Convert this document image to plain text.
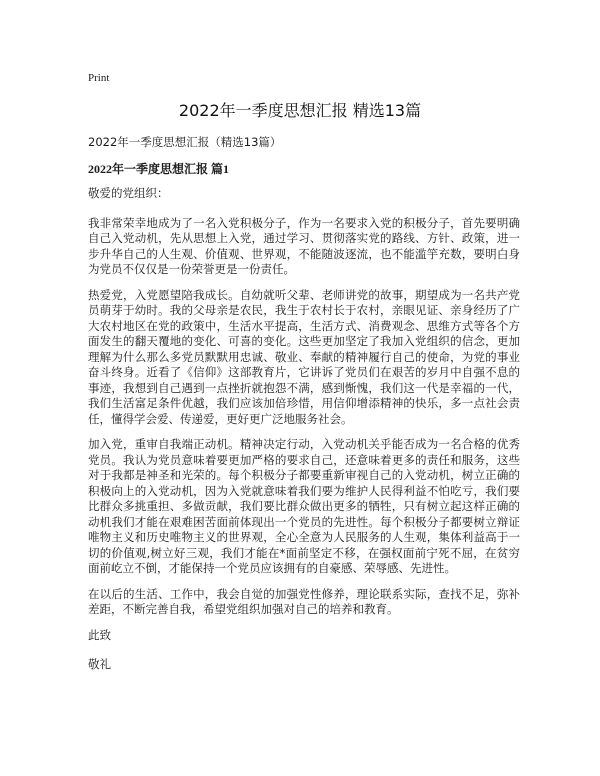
Print
2022年一季度思想汇报 精选13篇

2022年一季度思想汇报（精选13篇）

2022年一季度思想汇报 篇1

敬爱的党组织：

我非常荣幸地成为了一名入党积极分子，作为一名要求入党的积极分子，首先要明确自己入党动机，先从思想上入党，通过学习、贯彻落实党的路线、方针、政策，进一步升华自己的人生观、价值观、世界观，不能随波逐流，也不能滥竽充数，要明白身为党员不仅仅是一份荣誉更是一份责任。

热爱党，入党愿望陪我成长。自幼就听父辈、老师讲党的故事，期望成为一名共产党员萌芽于幼时。我的父母亲是农民，我生于农村长于农村，亲眼见证、亲身经历了广大农村地区在党的政策中，生活水平提高，生活方式、消费观念、思维方式等各个方面发生的翻天覆地的变化、可喜的变化。这些更加坚定了我加入党组织的信念，更加理解为什么那么多党员默默用忠诚、敬业、奉献的精神履行自己的使命，为党的事业奋斗终身。近看了《信仰》这部教育片，它讲诉了党员们在艰苦的岁月中自强不息的事迹，我想到自己遇到一点挫折就抱怨不满，感到惭愧，我们这一代是幸福的一代，我们生活富足条件优越，我们应该加倍珍惜，用信仰增添精神的快乐，多一点社会责任，懂得学会爱、传递爱，更好更广泛地服务社会。

加入党，重审自我端正动机。精神决定行动，入党动机关乎能否成为一名合格的优秀党员。我认为党员意味着要更加严格的要求自己，还意味着更多的责任和服务，这些对于我都是神圣和光荣的。每个积极分子都要重新审视自己的入党动机，树立正确的积极向上的入党动机，因为入党就意味着我们要为维护人民得利益不怕吃亏，我们要比群众多挑重担、多做贡献，我们要比群众做出更多的牺牲，只有树立起这样正确的动机我们才能在艰难困苦面前体现出一个党员的先进性。每个积极分子都要树立辩证唯物主义和历史唯物主义的世界观，全心全意为人民服务的人生观，集体利益高于一切的价值观,树立好三观，我们才能在*面前坚定不移，在强权面前宁死不屈，在贫穷面前屹立不倒，才能保持一个党员应该拥有的自豪感、荣辱感、先进性。

在以后的生活、工作中，我会自觉的加强党性修养，理论联系实际，查找不足，弥补差距，不断完善自我，希望党组织加强对自己的培养和教育。

此致

敬礼
